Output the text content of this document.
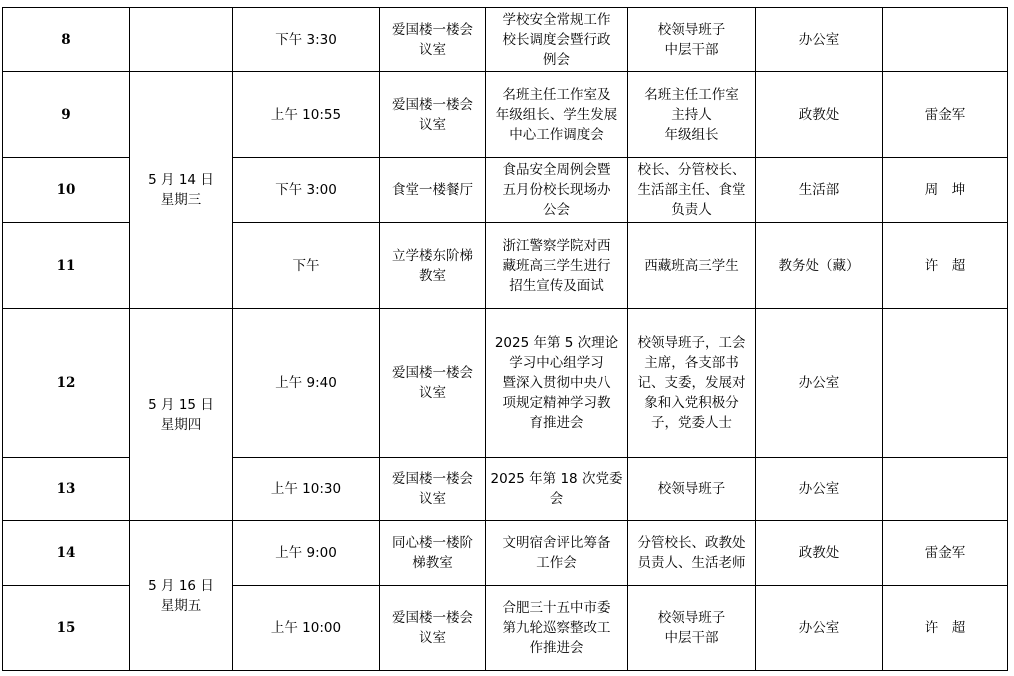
8		下午 3:30	爱国楼一楼会
议室	学校安全常规工作
校长调度会暨行政
例会	校领导班子
中层干部	办公室	
9	5 月 14 日
星期三	上午 10:55	爱国楼一楼会
议室	名班主任工作室及
年级组长、学生发展
中心工作调度会	名班主任工作室
主持人
年级组长	政教处	雷金军
10		下午 3:00	食堂一楼餐厅	食品安全周例会暨
五月份校长现场办
公会	校长、分管校长、
生活部主任、食堂
负责人	生活部	周　坤
11		下午	立学楼东阶梯
教室	浙江警察学院对西
藏班高三学生进行
招生宣传及面试	西藏班高三学生	教务处（藏）	许　超
12	5 月 15 日
星期四	上午 9:40	爱国楼一楼会
议室	2025 年第 5 次理论
学习中心组学习
暨深入贯彻中央八
项规定精神学习教
育推进会	校领导班子，工会
主席，各支部书
记、支委，发展对
象和入党积极分
子，党委人士	办公室	
13		上午 10:30	爱国楼一楼会
议室	2025 年第 18 次党委
会	校领导班子	办公室	
14	5 月 16 日
星期五	上午 9:00	同心楼一楼阶
梯教室	文明宿舍评比筹备
工作会	分管校长、政教处
员责人、生活老师	政教处	雷金军
15		上午 10:00	爱国楼一楼会
议室	合肥三十五中市委
第九轮巡察整改工
作推进会	校领导班子
中层干部	办公室	许　超
